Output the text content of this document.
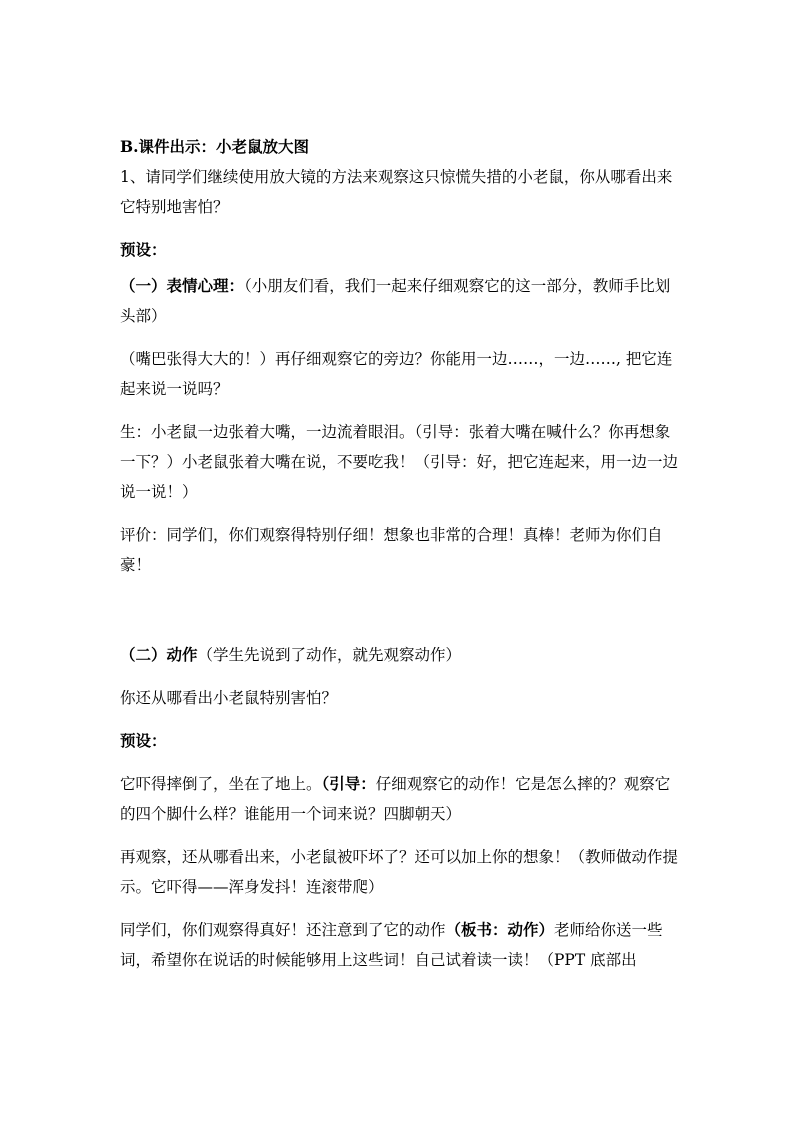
B.课件出示：小老鼠放大图

1、请同学们继续使用放大镜的方法来观察这只惊慌失措的小老鼠，你从哪看出来它特别地害怕？

预设：

（一）表情心理：（小朋友们看，我们一起来仔细观察它的这一部分，教师手比划头部）

（嘴巴张得大大的！）再仔细观察它的旁边？你能用一边……，一边……, 把它连起来说一说吗？

生：小老鼠一边张着大嘴，一边流着眼泪。（引导：张着大嘴在喊什么？你再想象一下？）小老鼠张着大嘴在说，不要吃我！（引导：好，把它连起来，用一边一边说一说！）

评价：同学们，你们观察得特别仔细！想象也非常的合理！真棒！老师为你们自豪！

（二）动作（学生先说到了动作，就先观察动作）

你还从哪看出小老鼠特别害怕？

预设：

它吓得摔倒了，坐在了地上。（引导：仔细观察它的动作！它是怎么摔的？观察它的四个脚什么样？谁能用一个词来说？四脚朝天）

再观察，还从哪看出来，小老鼠被吓坏了？还可以加上你的想象！（教师做动作提示。它吓得——浑身发抖！连滚带爬）

同学们，你们观察得真好！还注意到了它的动作（板书：动作）老师给你送一些词，希望你在说话的时候能够用上这些词！自己试着读一读！（PPT 底部出
